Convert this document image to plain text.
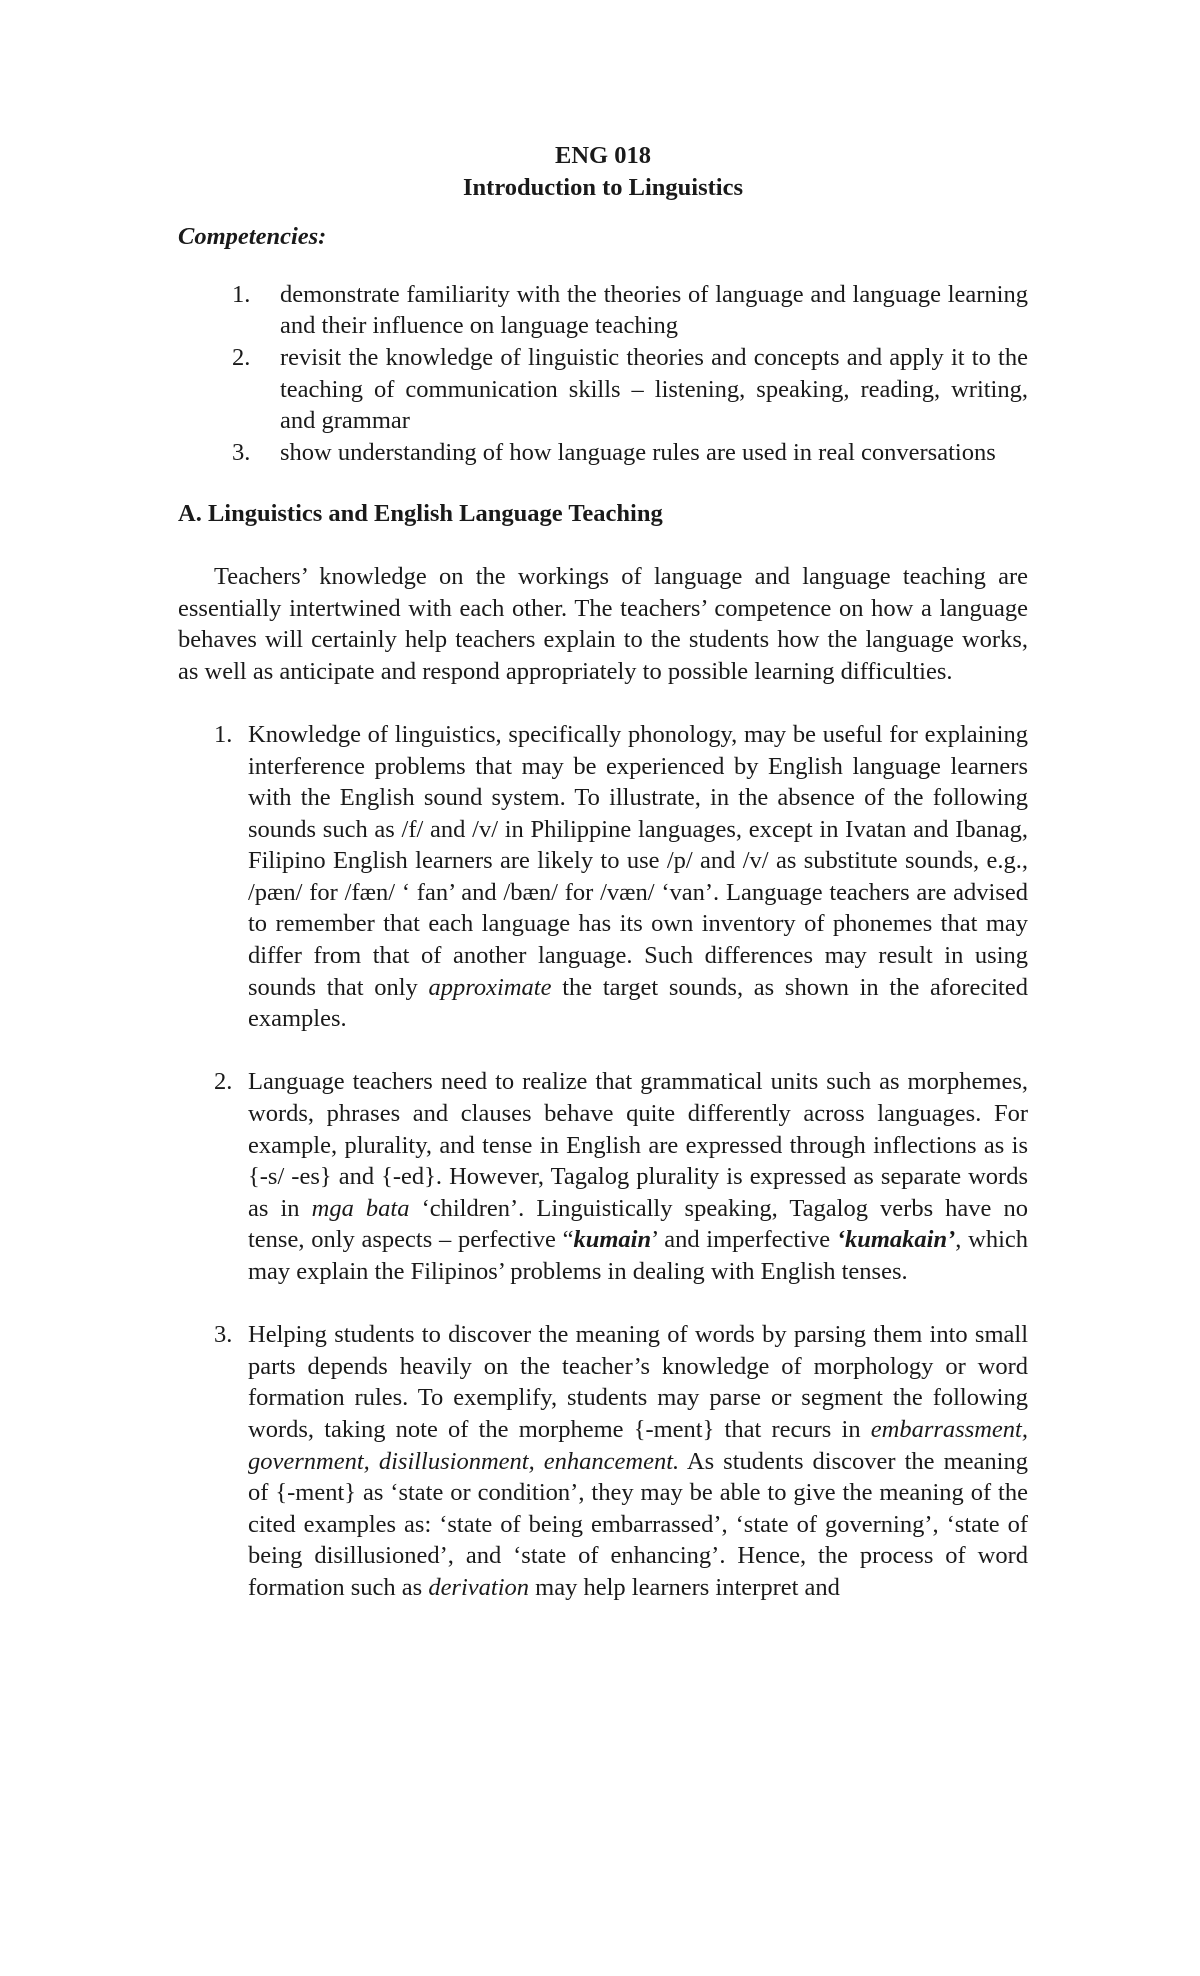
ENG 018

Introduction to Linguistics

Competencies:

1. demonstrate familiarity with the theories of language and language learning and their influence on language teaching
2. revisit the knowledge of linguistic theories and concepts and apply it to the teaching of communication skills – listening, speaking, reading, writing, and grammar
3. show understanding of how language rules are used in real conversations

A. Linguistics and English Language Teaching

Teachers’ knowledge on the workings of language and language teaching are essentially intertwined with each other. The teachers’ competence on how a language behaves will certainly help teachers explain to the students how the language works, as well as anticipate and respond appropriately to possible learning difficulties.

1. Knowledge of linguistics, specifically phonology, may be useful for explaining interference problems that may be experienced by English language learners with the English sound system. To illustrate, in the absence of the following sounds such as /f/ and /v/ in Philippine languages, except in Ivatan and Ibanag, Filipino English learners are likely to use /p/ and /v/ as substitute sounds, e.g., /pæn/ for /fæn/ ‘ fan’ and /bæn/ for /væn/ ‘van’. Language teachers are advised to remember that each language has its own inventory of phonemes that may differ from that of another language. Such differences may result in using sounds that only approximate the target sounds, as shown in the aforecited examples.
2. Language teachers need to realize that grammatical units such as morphemes, words, phrases and clauses behave quite differently across languages. For example, plurality, and tense in English are expressed through inflections as is {-s/ -es} and {-ed}. However, Tagalog plurality is expressed as separate words as in mga bata ‘children’. Linguistically speaking, Tagalog verbs have no tense, only aspects – perfective “kumain’ and imperfective ‘kumakain’, which may explain the Filipinos’ problems in dealing with English tenses.
3. Helping students to discover the meaning of words by parsing them into small parts depends heavily on the teacher’s knowledge of morphology or word formation rules. To exemplify, students may parse or segment the following words, taking note of the morpheme {-ment} that recurs in embarrassment, government, disillusionment, enhancement. As students discover the meaning of {-ment} as ‘state or condition’, they may be able to give the meaning of the cited examples as: ‘state of being embarrassed’, ‘state of governing’, ‘state of being disillusioned’, and ‘state of enhancing’. Hence, the process of word formation such as derivation may help learners interpret and
